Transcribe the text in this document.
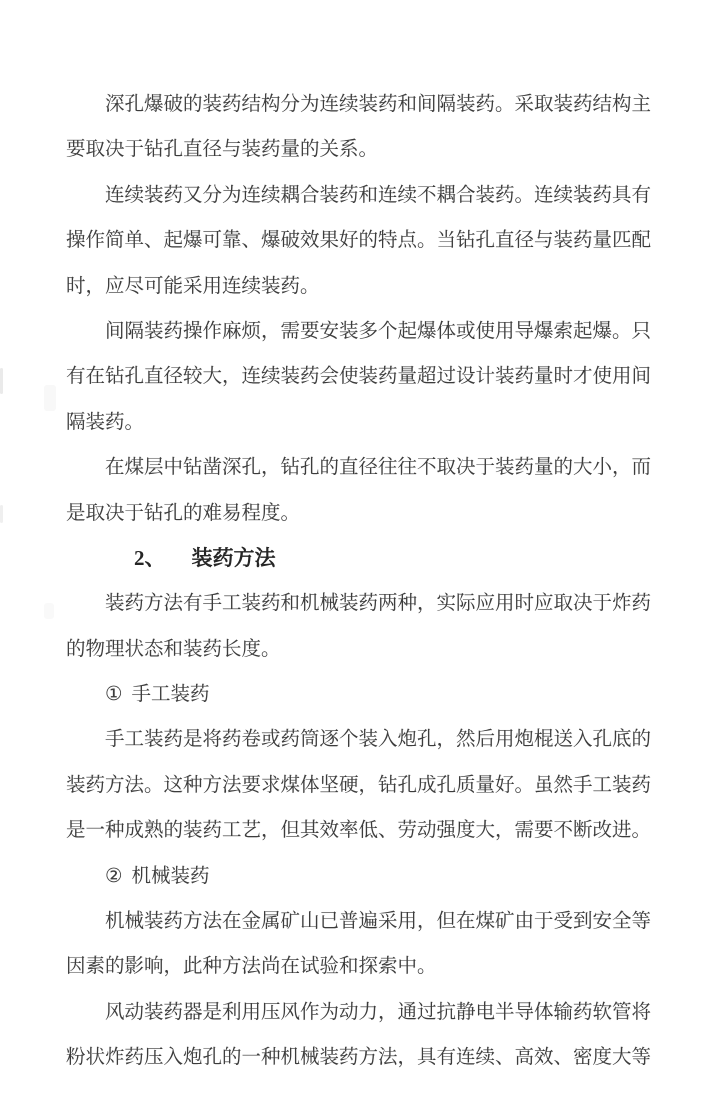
深孔爆破的装药结构分为连续装药和间隔装药。采取装药结构主
要取决于钻孔直径与装药量的关系。
连续装药又分为连续耦合装药和连续不耦合装药。连续装药具有
操作简单、起爆可靠、爆破效果好的特点。当钻孔直径与装药量匹配
时，应尽可能采用连续装药。
间隔装药操作麻烦，需要安装多个起爆体或使用导爆索起爆。只
有在钻孔直径较大，连续装药会使装药量超过设计装药量时才使用间
隔装药。
在煤层中钻凿深孔，钻孔的直径往往不取决于装药量的大小，而
是取决于钻孔的难易程度。
2、 装药方法
装药方法有手工装药和机械装药两种，实际应用时应取决于炸药
的物理状态和装药长度。
① 手工装药
手工装药是将药卷或药筒逐个装入炮孔，然后用炮棍送入孔底的
装药方法。这种方法要求煤体坚硬，钻孔成孔质量好。虽然手工装药
是一种成熟的装药工艺，但其效率低、劳动强度大，需要不断改进。
② 机械装药
机械装药方法在金属矿山已普遍采用，但在煤矿由于受到安全等
因素的影响，此种方法尚在试验和探索中。
风动装药器是利用压风作为动力，通过抗静电半导体输药软管将
粉状炸药压入炮孔的一种机械装药方法，具有连续、高效、密度大等
